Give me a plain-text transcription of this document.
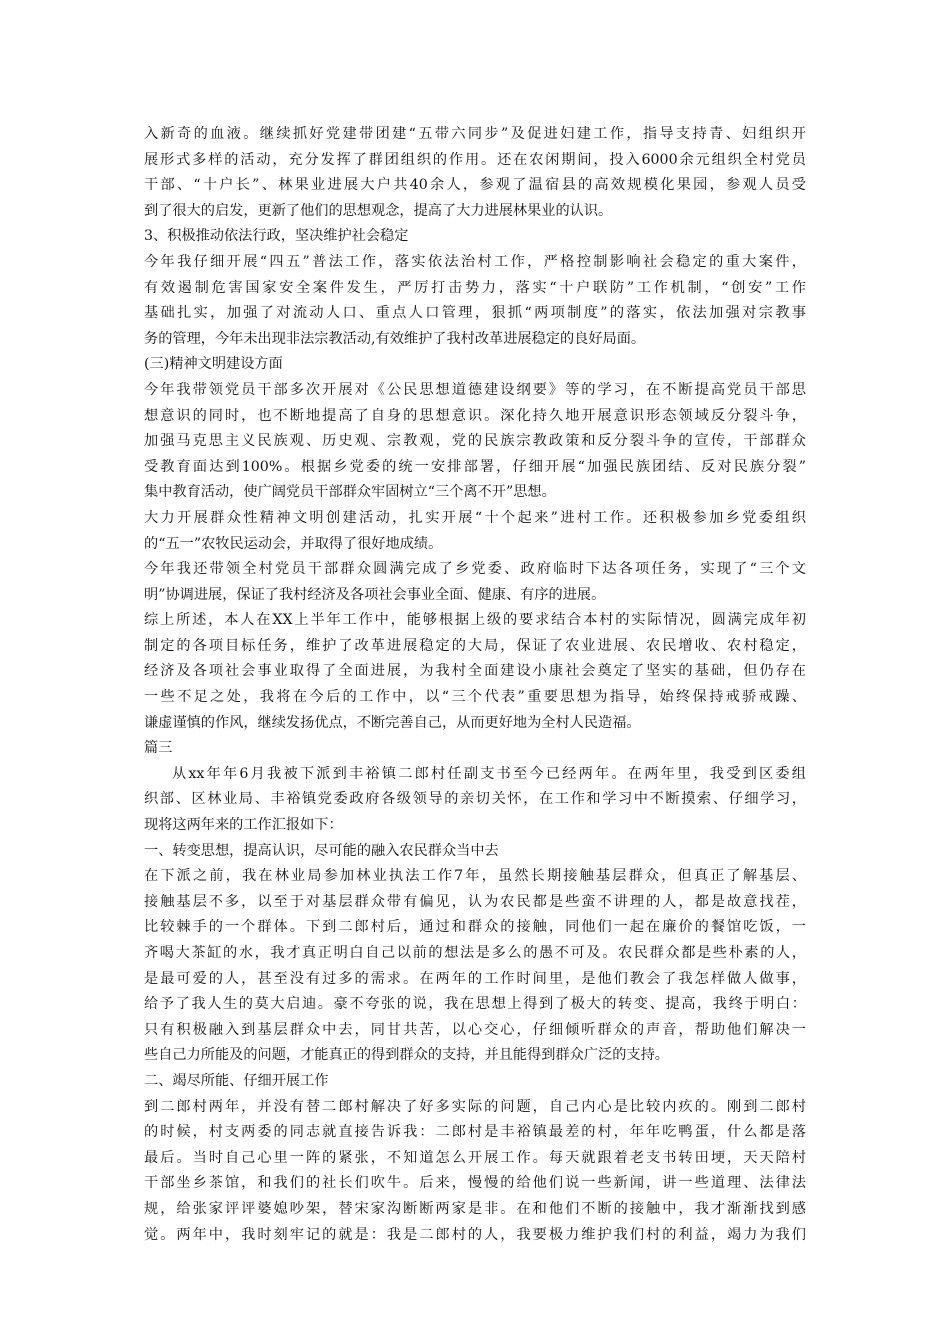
入新奇的血液。继续抓好党建带团建“五带六同步”及促进妇建工作，指导支持青、妇组织开
展形式多样的活动，充分发挥了群团组织的作用。还在农闲期间，投入6000余元组织全村党员
干部、“十户长”、林果业进展大户共40余人，参观了温宿县的高效规模化果园，参观人员受
到了很大的启发，更新了他们的思想观念，提高了大力进展林果业的认识。
3、积极推动依法行政，坚决维护社会稳定
今年我仔细开展“四五”普法工作，落实依法治村工作，严格控制影响社会稳定的重大案件，
有效遏制危害国家安全案件发生，严厉打击势力，落实“十户联防”工作机制，“创安”工作
基础扎实，加强了对流动人口、重点人口管理，狠抓“两项制度”的落实，依法加强对宗教事
务的管理，今年未出现非法宗教活动,有效维护了我村改革进展稳定的良好局面。
(三)精神文明建设方面
今年我带领党员干部多次开展对《公民思想道德建设纲要》等的学习，在不断提高党员干部思
想意识的同时，也不断地提高了自身的思想意识。深化持久地开展意识形态领域反分裂斗争，
加强马克思主义民族观、历史观、宗教观，党的民族宗教政策和反分裂斗争的宣传，干部群众
受教育面达到100%。根据乡党委的统一安排部署，仔细开展“加强民族团结、反对民族分裂”
集中教育活动，使广阔党员干部群众牢固树立“三个离不开”思想。
大力开展群众性精神文明创建活动，扎实开展“十个起来”进村工作。还积极参加乡党委组织
的“五一”农牧民运动会，并取得了很好地成绩。
今年我还带领全村党员干部群众圆满完成了乡党委、政府临时下达各项任务，实现了“三个文
明”协调进展，保证了我村经济及各项社会事业全面、健康、有序的进展。
综上所述，本人在XX上半年工作中，能够根据上级的要求结合本村的实际情况，圆满完成年初
制定的各项目标任务，维护了改革进展稳定的大局，保证了农业进展、农民增收、农村稳定，
经济及各项社会事业取得了全面进展，为我村全面建设小康社会奠定了坚实的基础，但仍存在
一些不足之处，我将在今后的工作中，以“三个代表”重要思想为指导，始终保持戒骄戒躁、
谦虚谨慎的作风，继续发扬优点，不断完善自己，从而更好地为全村人民造福。
篇三
从xx年年6月我被下派到丰裕镇二郎村任副支书至今已经两年。在两年里，我受到区委组
织部、区林业局、丰裕镇党委政府各级领导的亲切关怀，在工作和学习中不断摸索、仔细学习，
现将这两年来的工作汇报如下：
一、转变思想，提高认识，尽可能的融入农民群众当中去
在下派之前，我在林业局参加林业执法工作7年，虽然长期接触基层群众，但真正了解基层、
接触基层不多，以至于对基层群众带有偏见，认为农民都是些蛮不讲理的人，都是故意找茬，
比较棘手的一个群体。下到二郎村后，通过和群众的接触，同他们一起在廉价的餐馆吃饭，一
齐喝大茶缸的水，我才真正明白自己以前的想法是多么的愚不可及。农民群众都是些朴素的人，
是最可爱的人，甚至没有过多的需求。在两年的工作时间里，是他们教会了我怎样做人做事，
给予了我人生的莫大启迪。豪不夸张的说，我在思想上得到了极大的转变、提高，我终于明白：
只有积极融入到基层群众中去，同甘共苦，以心交心，仔细倾听群众的声音，帮助他们解决一
些自己力所能及的问题，才能真正的得到群众的支持，并且能得到群众广泛的支持。
二、竭尽所能、仔细开展工作
到二郎村两年，并没有替二郎村解决了好多实际的问题，自己内心是比较内疚的。刚到二郎村
的时候，村支两委的同志就直接告诉我：二郎村是丰裕镇最差的村，年年吃鸭蛋，什么都是落
最后。当时自己心里一阵的紧张，不知道怎么开展工作。每天就跟着老支书转田埂，天天陪村
干部坐乡茶馆，和我们的社长们吹牛。后来，慢慢的给他们说一些新闻，讲一些道理、法律法
规，给张家评评婆媳吵架，替宋家沟断断两家是非。在和他们不断的接触中，我才渐渐找到感
觉。两年中，我时刻牢记的就是：我是二郎村的人，我要极力维护我们村的利益，竭力为我们
